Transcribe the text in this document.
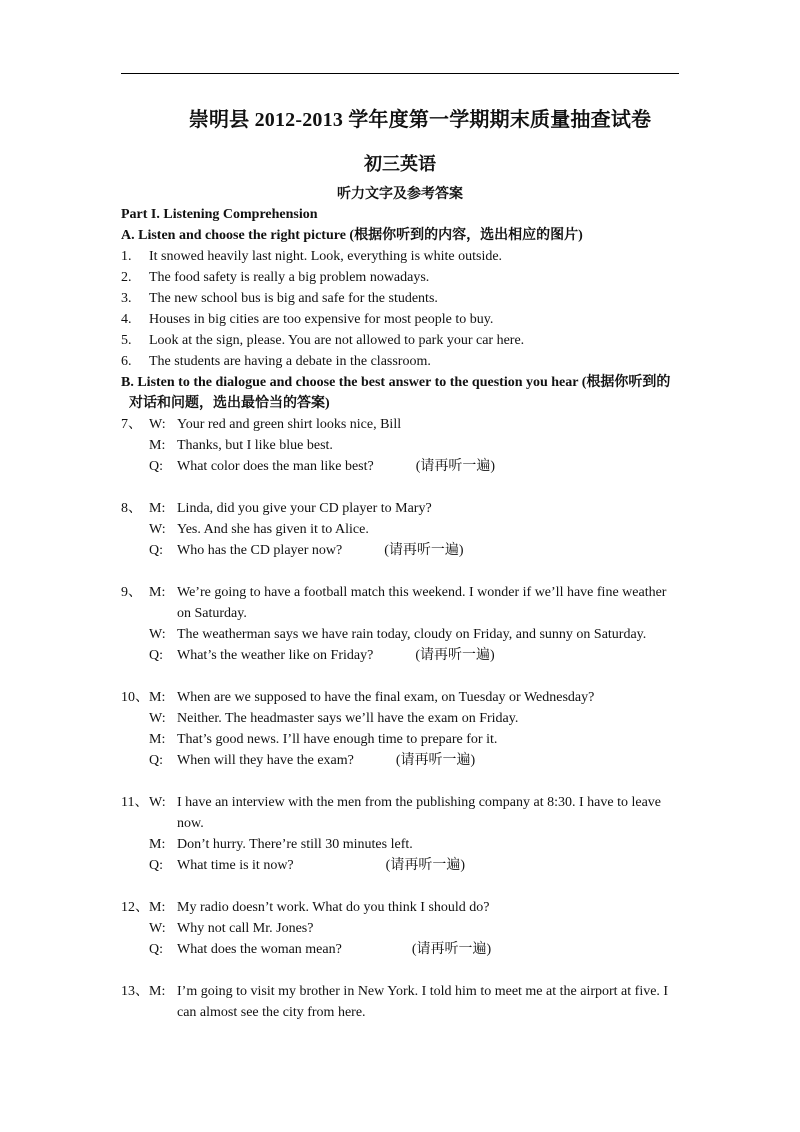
崇明县 2012-2013 学年度第一学期期末质量抽查试卷
初三英语
听力文字及参考答案
Part I. Listening Comprehension
A. Listen and choose the right picture (根据你听到的内容，选出相应的图片)
1. It snowed heavily last night. Look, everything is white outside.
2. The food safety is really a big problem nowadays.
3. The new school bus is big and safe for the students.
4. Houses in big cities are too expensive for most people to buy.
5. Look at the sign, please. You are not allowed to park your car here.
6. The students are having a debate in the classroom.
B. Listen to the dialogue and choose the best answer to the question you hear (根据你听到的
对话和问题，选出最恰当的答案)
7、 W: Your red and green shirt looks nice, Bill
M: Thanks, but I like blue best.
Q:	What color does the man like best?	(请再听一遍)
8、 M: Linda, did you give your CD player to Mary?
W: Yes. And she has given it to Alice.
Q:	Who has the CD player now?	(请再听一遍)
9、 M: We’re going to have a football match this weekend. I wonder if we’ll have fine weather
on Saturday.
W: The weatherman says we have rain today, cloudy on Friday, and sunny on Saturday.
Q:	What’s the weather like on Friday?	(请再听一遍)
10、 M: When are we supposed to have the final exam, on Tuesday or Wednesday?
W: Neither. The headmaster says we’ll have the exam on Friday.
M: That’s good news. I’ll have enough time to prepare for it.
Q:	When will they have the exam?	(请再听一遍)
11、 W: I have an interview with the men from the publishing company at 8:30. I have to leave
now.
M: Don’t hurry. There’re still 30 minutes left.
Q:	What time is it now?	(请再听一遍)
12、 M: My radio doesn’t work. What do you think I should do?
W: Why not call Mr. Jones?
Q:	What does the woman mean?	(请再听一遍)
13、 M: I’m going to visit my brother in New York. I told him to meet me at the airport at five. I
can almost see the city from here.
